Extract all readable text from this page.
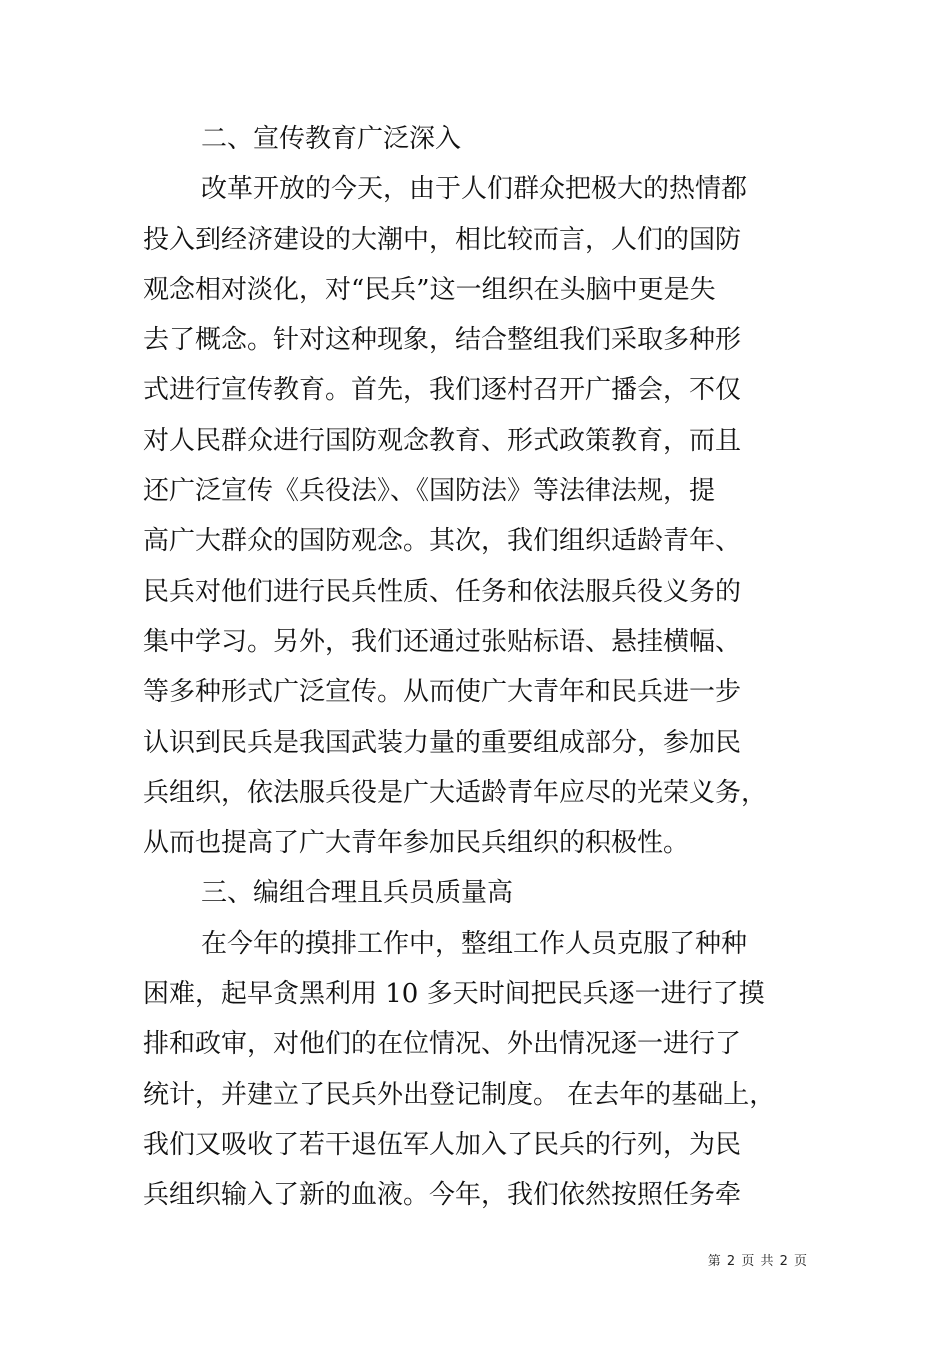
二、宣传教育广泛深入
改革开放的今天，由于人们群众把极大的热情都
投入到经济建设的大潮中，相比较而言，人们的国防
观念相对淡化，对“民兵”这一组织在头脑中更是失
去了概念。针对这种现象，结合整组我们采取多种形
式进行宣传教育。首先，我们逐村召开广播会，不仅
对人民群众进行国防观念教育、形式政策教育，而且
还广泛宣传《兵役法》、《国防法》等法律法规，提
高广大群众的国防观念。其次，我们组织适龄青年、
民兵对他们进行民兵性质、任务和依法服兵役义务的
集中学习。另外，我们还通过张贴标语、悬挂横幅、
等多种形式广泛宣传。从而使广大青年和民兵进一步
认识到民兵是我国武装力量的重要组成部分，参加民
兵组织，依法服兵役是广大适龄青年应尽的光荣义务，
从而也提高了广大青年参加民兵组织的积极性。
三、编组合理且兵员质量高
在今年的摸排工作中，整组工作人员克服了种种
困难，起早贪黑利用 10 多天时间把民兵逐一进行了摸
排和政审，对他们的在位情况、外出情况逐一进行了
统计，并建立了民兵外出登记制度。 在去年的基础上，
我们又吸收了若干退伍军人加入了民兵的行列，为民
兵组织输入了新的血液。今年，我们依然按照任务牵
第 2 页 共 2 页
